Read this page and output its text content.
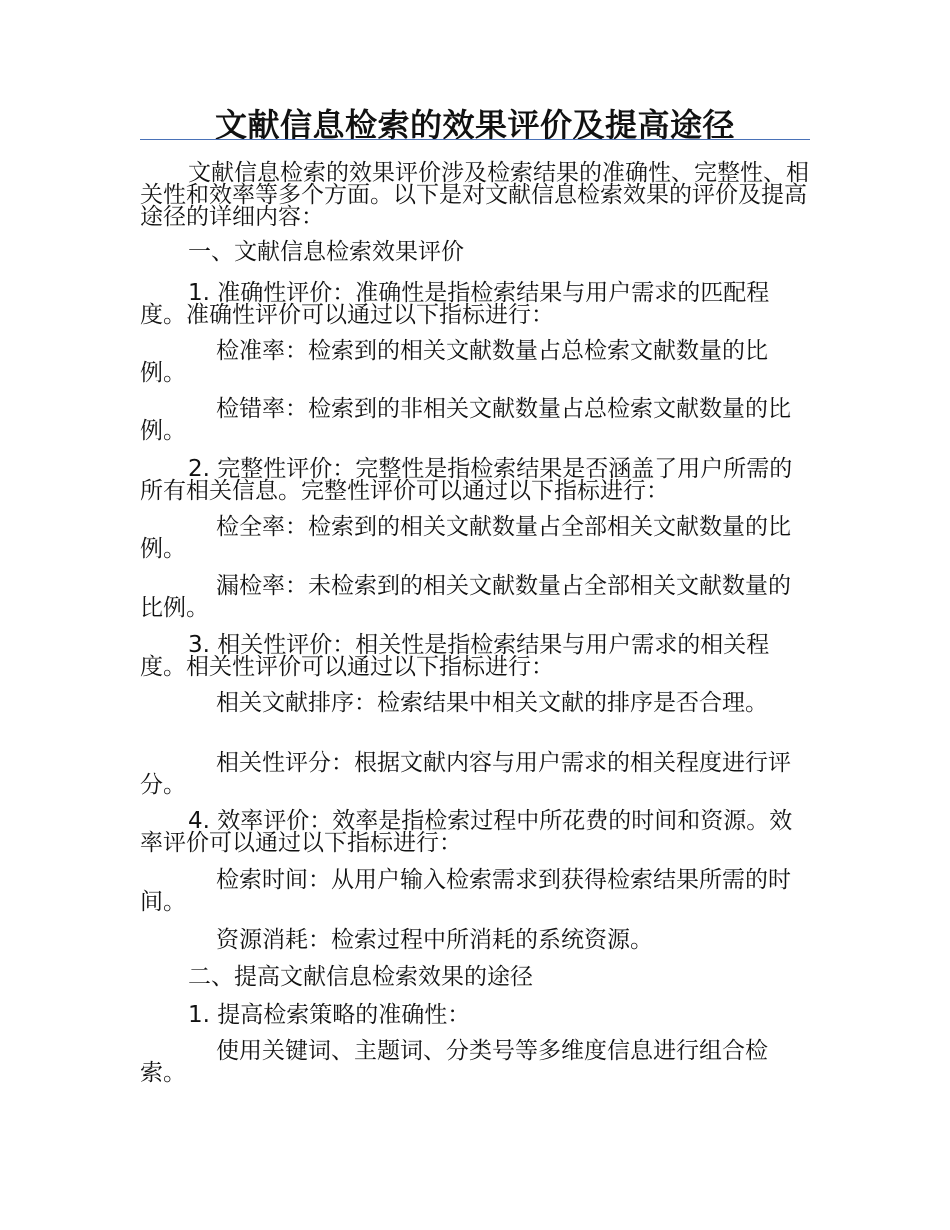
文献信息检索的效果评价及提高途径

文献信息检索的效果评价涉及检索结果的准确性、完整性、相关性和效率等多个方面。以下是对文献信息检索效果的评价及提高途径的详细内容：

一、文献信息检索效果评价

1. 准确性评价：准确性是指检索结果与用户需求的匹配程度。准确性评价可以通过以下指标进行：

检准率：检索到的相关文献数量占总检索文献数量的比例。

检错率：检索到的非相关文献数量占总检索文献数量的比例。

2. 完整性评价：完整性是指检索结果是否涵盖了用户所需的所有相关信息。完整性评价可以通过以下指标进行：

检全率：检索到的相关文献数量占全部相关文献数量的比例。

漏检率：未检索到的相关文献数量占全部相关文献数量的比例。

3. 相关性评价：相关性是指检索结果与用户需求的相关程度。相关性评价可以通过以下指标进行：

相关文献排序：检索结果中相关文献的排序是否合理。

相关性评分：根据文献内容与用户需求的相关程度进行评分。

4. 效率评价：效率是指检索过程中所花费的时间和资源。效率评价可以通过以下指标进行：

检索时间：从用户输入检索需求到获得检索结果所需的时间。

资源消耗：检索过程中所消耗的系统资源。

二、提高文献信息检索效果的途径

1. 提高检索策略的准确性：

使用关键词、主题词、分类号等多维度信息进行组合检索。
